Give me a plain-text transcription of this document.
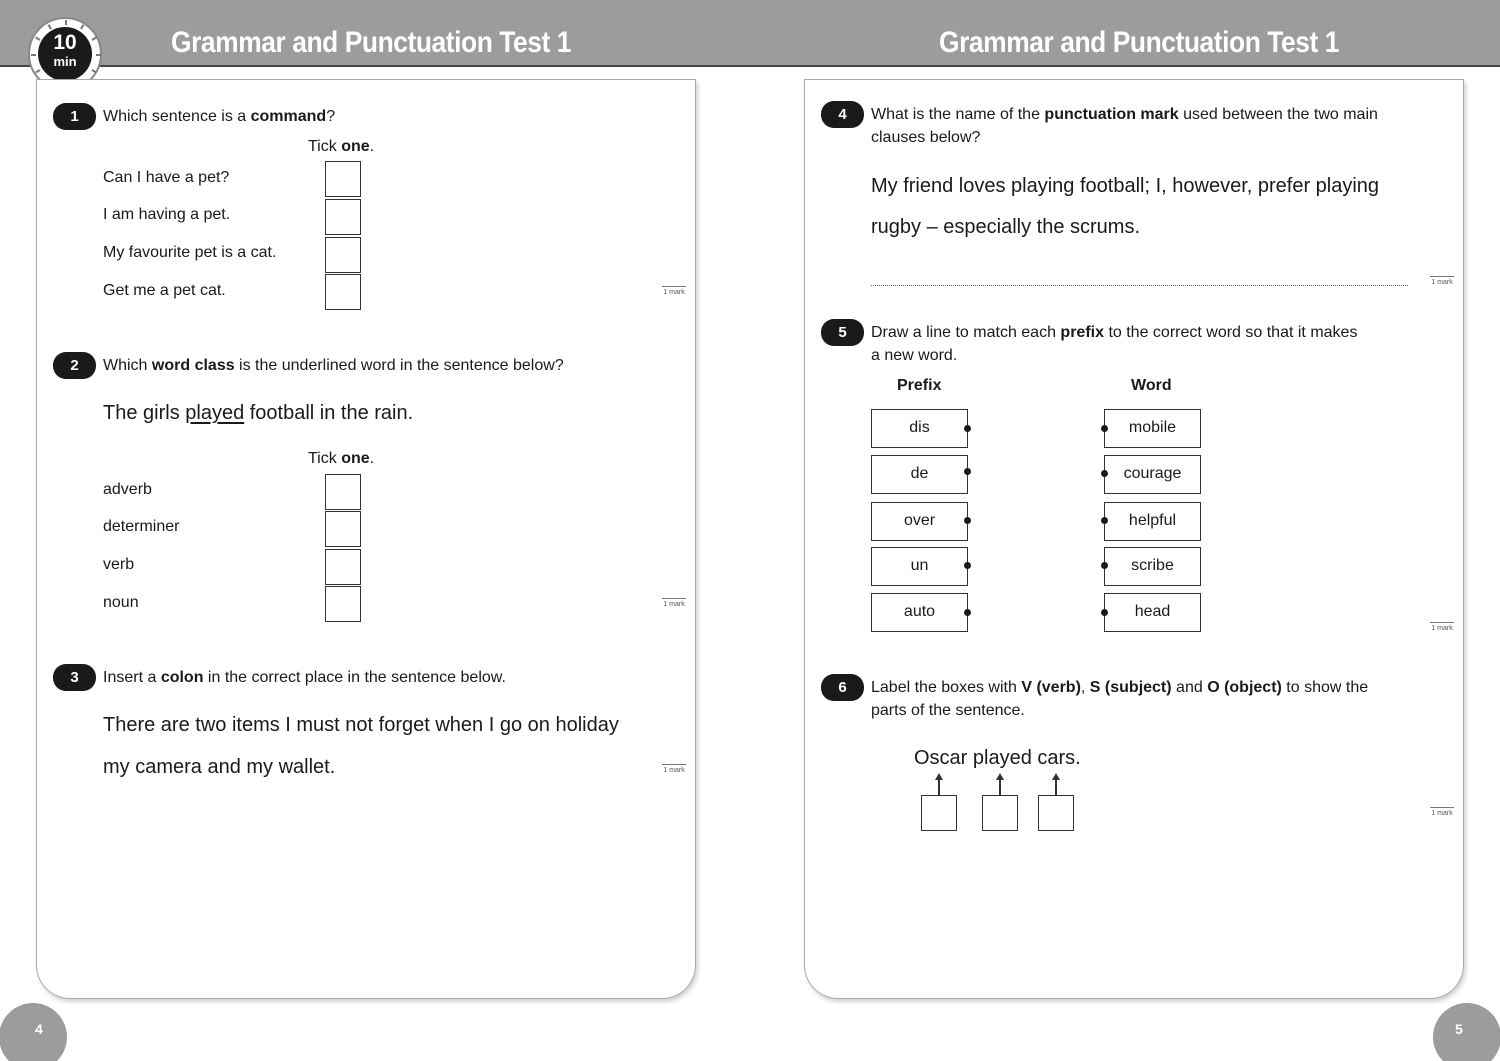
Grammar and Punctuation Test 1	Grammar and Punctuation Test 1
10
min
1	Which sentence is a command?
Tick one.
Can I have a pet?
I am having a pet.
My favourite pet is a cat.
Get me a pet cat.	1 mark
2	Which word class is the underlined word in the sentence below?
The girls played football in the rain.
Tick one.
adverb
determiner
verb
noun	1 mark
3	Insert a colon in the correct place in the sentence below.
There are two items I must not forget when I go on holiday
my camera and my wallet.	1 mark
4	What is the name of the punctuation mark used between the two main
clauses below?
My friend loves playing football; I, however, prefer playing
rugby – especially the scrums.
1 mark
5	Draw a line to match each prefix to the correct word so that it makes
a new word.
Prefix	Word
dis	mobile
de	courage
over	helpful
un	scribe
auto	head
1 mark
6	Label the boxes with V (verb), S (subject) and O (object) to show the
parts of the sentence.
Oscar played cars.
1 mark
4	5
